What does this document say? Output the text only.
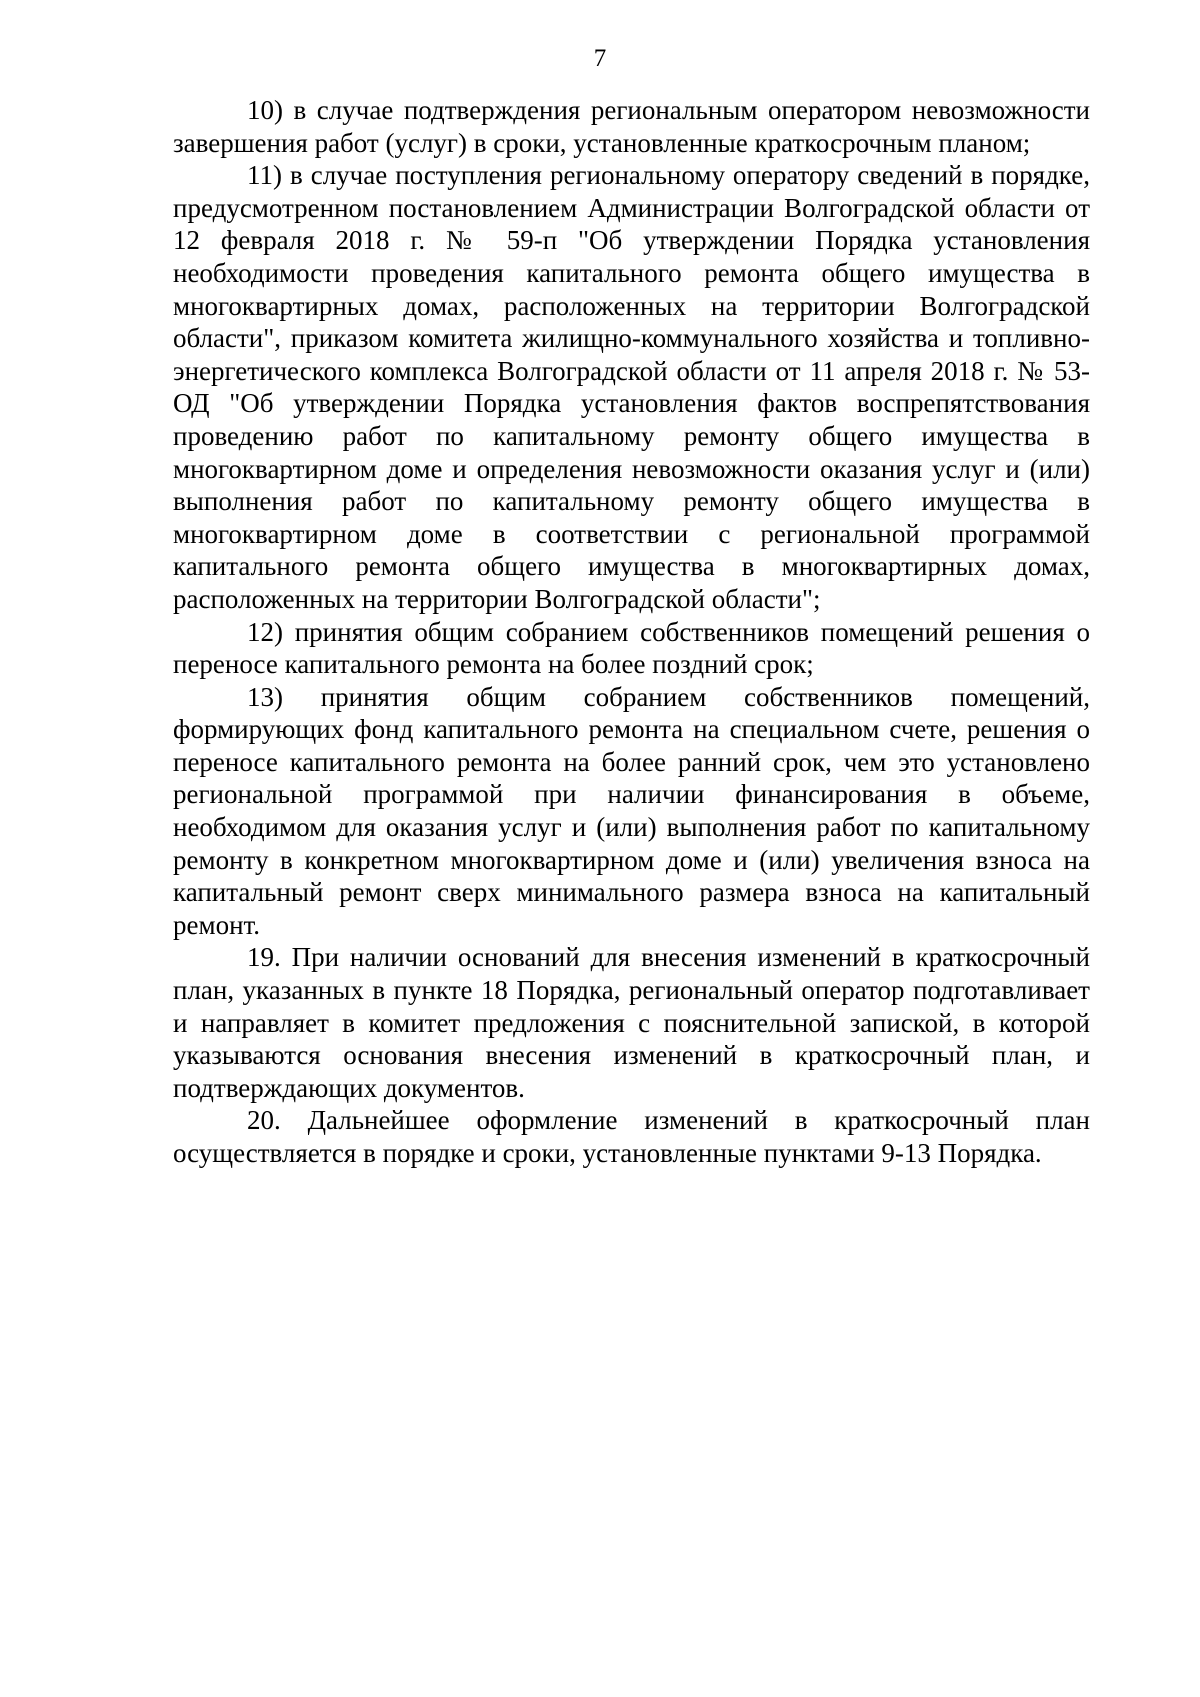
7

10) в случае подтверждения региональным оператором невозможности завершения работ (услуг) в сроки, установленные краткосрочным планом;

11) в случае поступления региональному оператору сведений в порядке, предусмотренном постановлением Администрации Волгоградской области от 12 февраля 2018 г. № 59-п "Об утверждении Порядка установления необходимости проведения капитального ремонта общего имущества в многоквартирных домах, расположенных на территории Волгоградской области", приказом комитета жилищно-коммунального хозяйства и топливно-энергетического комплекса Волгоградской области от 11 апреля 2018 г. № 53-ОД "Об утверждении Порядка установления фактов воспрепятствования проведению работ по капитальному ремонту общего имущества в многоквартирном доме и определения невозможности оказания услуг и (или) выполнения работ по капитальному ремонту общего имущества в многоквартирном доме в соответствии с региональной программой капитального ремонта общего имущества в многоквартирных домах, расположенных на территории Волгоградской области";

12) принятия общим собранием собственников помещений решения о переносе капитального ремонта на более поздний срок;

13) принятия общим собранием собственников помещений, формирующих фонд капитального ремонта на специальном счете, решения о переносе капитального ремонта на более ранний срок, чем это установлено региональной программой при наличии финансирования в объеме, необходимом для оказания услуг и (или) выполнения работ по капитальному ремонту в конкретном многоквартирном доме и (или) увеличения взноса на капитальный ремонт сверх минимального размера взноса на капитальный ремонт.

19. При наличии оснований для внесения изменений в краткосрочный план, указанных в пункте 18 Порядка, региональный оператор подготавливает и направляет в комитет предложения с пояснительной запиской, в которой указываются основания внесения изменений в краткосрочный план, и подтверждающих документов.

20. Дальнейшее оформление изменений в краткосрочный план осуществляется в порядке и сроки, установленные пунктами 9-13 Порядка.
